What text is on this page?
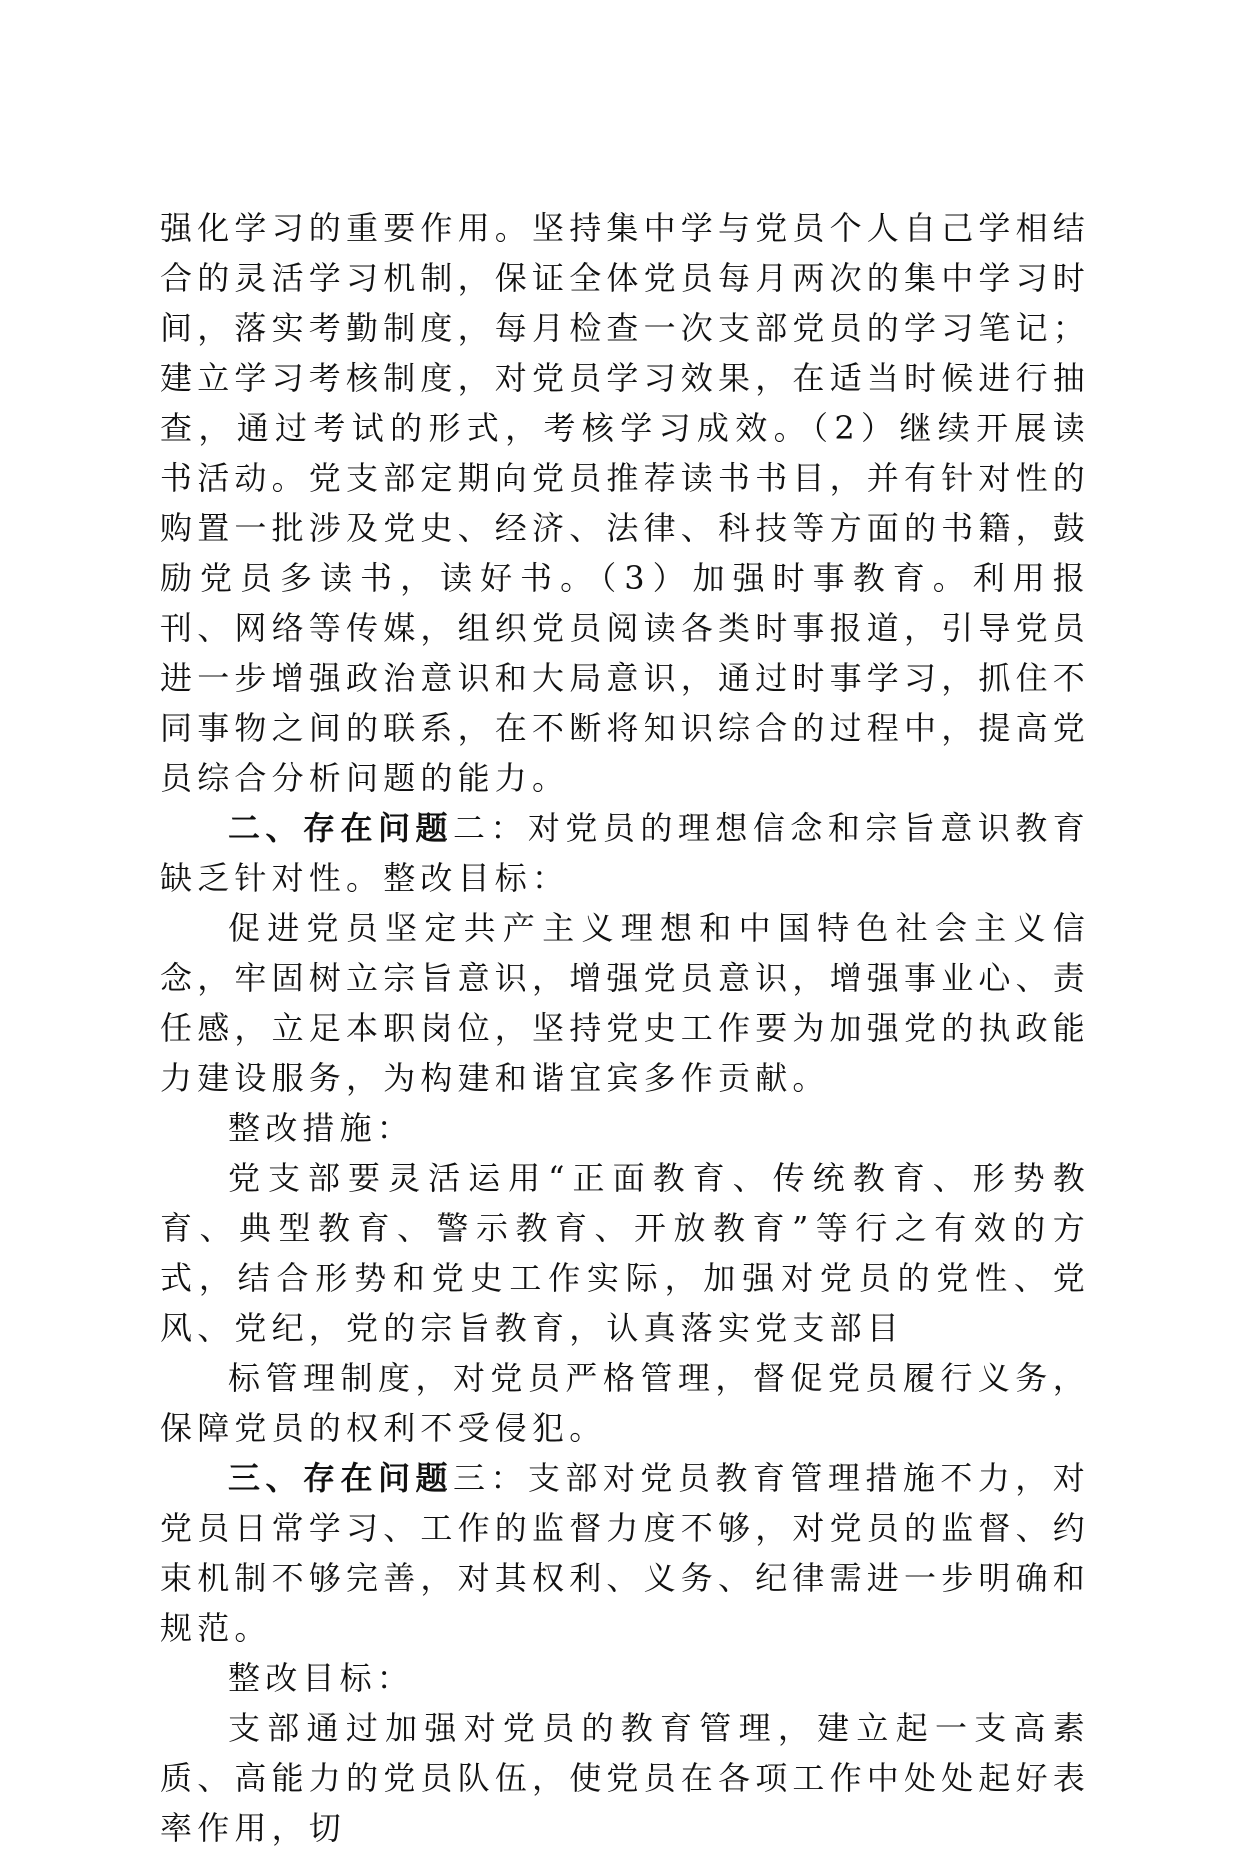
强化学习的重要作用。坚持集中学与党员个人自己学相结合的灵活学习机制，保证全体党员每月两次的集中学习时间，落实考勤制度，每月检查一次支部党员的学习笔记；建立学习考核制度，对党员学习效果，在适当时候进行抽查，通过考试的形式，考核学习成效。（2）继续开展读书活动。党支部定期向党员推荐读书书目，并有针对性的购置一批涉及党史、经济、法律、科技等方面的书籍，鼓励党员多读书，读好书。（3）加强时事教育。利用报刊、网络等传媒，组织党员阅读各类时事报道，引导党员进一步增强政治意识和大局意识，通过时事学习，抓住不同事物之间的联系，在不断将知识综合的过程中，提高党员综合分析问题的能力。

二、存在问题二：对党员的理想信念和宗旨意识教育缺乏针对性。整改目标：

促进党员坚定共产主义理想和中国特色社会主义信念，牢固树立宗旨意识，增强党员意识，增强事业心、责任感，立足本职岗位，坚持党史工作要为加强党的执政能力建设服务，为构建和谐宜宾多作贡献。

整改措施：

党支部要灵活运用“正面教育、传统教育、形势教育、典型教育、警示教育、开放教育”等行之有效的方式，结合形势和党史工作实际，加强对党员的党性、党风、党纪，党的宗旨教育，认真落实党支部目

标管理制度，对党员严格管理，督促党员履行义务，保障党员的权利不受侵犯。

三、存在问题三：支部对党员教育管理措施不力，对党员日常学习、工作的监督力度不够，对党员的监督、约束机制不够完善，对其权利、义务、纪律需进一步明确和规范。

整改目标：

支部通过加强对党员的教育管理，建立起一支高素质、高能力的党员队伍，使党员在各项工作中处处起好表率作用，切
